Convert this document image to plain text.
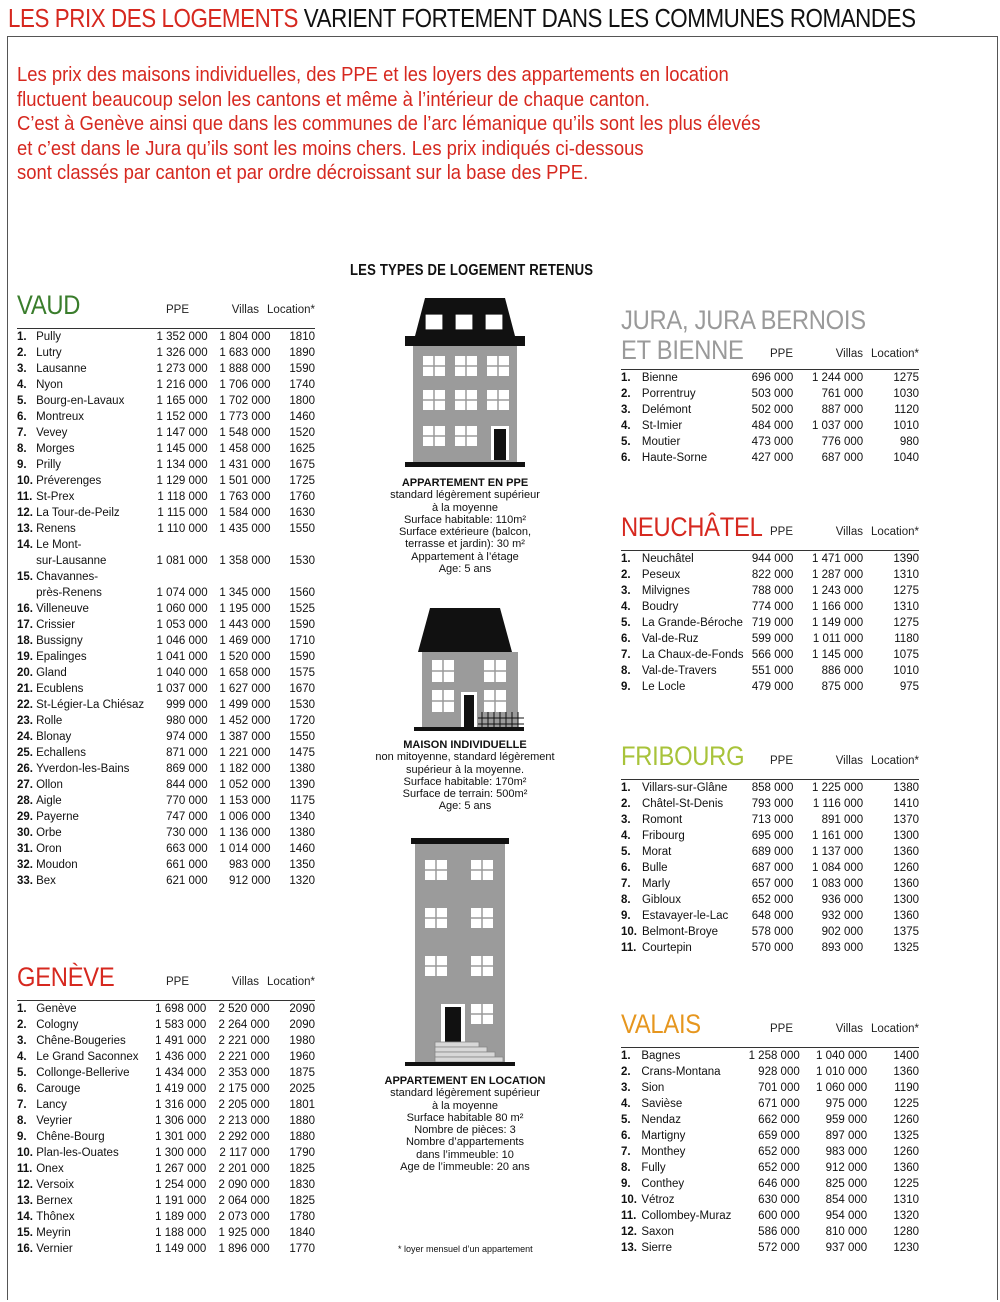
LES PRIX DES LOGEMENTS VARIENT FORTEMENT DANS LES COMMUNES ROMANDES
Les prix des maisons individuelles, des PPE et les loyers des appartements en location
fluctuent beaucoup selon les cantons et même à l’intérieur de chaque canton.
C’est à Genève ainsi que dans les communes de l’arc lémanique qu’ils sont les plus élevés
et c’est dans le Jura qu’ils sont les moins chers. Les prix indiqués ci-dessous
sont classés par canton et par ordre décroissant sur la base des PPE.
VAUD	PPE	Villas Location*
1.	Pully	1 352 000	1 804 000	1810
2.	Lutry	1 326 000	1 683 000	1890
3.	Lausanne	1 273 000	1 888 000	1590
4.	Nyon	1 216 000	1 706 000	1740
5.	Bourg-en-Lavaux	1 165 000	1 702 000	1800
6.	Montreux	1 152 000	1 773 000	1460
7.	Vevey	1 147 000	1 548 000	1520
8.	Morges	1 145 000	1 458 000	1625
9.	Prilly	1 134 000	1 431 000	1675
10.	Préverenges	1 129 000	1 501 000	1725
11.	St-Prex	1 118 000	1 763 000	1760
12.	La Tour-de-Peilz	1 115 000	1 584 000	1630
13.	Renens	1 110 000	1 435 000	1550
14.	Le Mont-			
	sur-Lausanne	1 081 000	1 358 000	1530
15.	Chavannes-			
	près-Renens	1 074 000	1 345 000	1560
16.	Villeneuve	1 060 000	1 195 000	1525
17.	Crissier	1 053 000	1 443 000	1590
18.	Bussigny	1 046 000	1 469 000	1710
19.	Epalinges	1 041 000	1 520 000	1590
20.	Gland	1 040 000	1 658 000	1575
21.	Ecublens	1 037 000	1 627 000	1670
22.	St-Légier-La Chiésaz	999 000	1 499 000	1530
23.	Rolle	980 000	1 452 000	1720
24.	Blonay	974 000	1 387 000	1550
25.	Echallens	871 000	1 221 000	1475
26.	Yverdon-les-Bains	869 000	1 182 000	1380
27.	Ollon	844 000	1 052 000	1390
28.	Aigle	770 000	1 153 000	1175
29.	Payerne	747 000	1 006 000	1340
30.	Orbe	730 000	1 136 000	1380
31.	Oron	663 000	1 014 000	1460
32.	Moudon	661 000	983 000	1350
33.	Bex	621 000	912 000	1320
GENÈVE	PPE	Villas Location*
1.	Genève	1 698 000	2 520 000	2090
2.	Cologny	1 583 000	2 264 000	2090
3.	Chêne-Bougeries	1 491 000	2 221 000	1980
4.	Le Grand Saconnex	1 436 000	2 221 000	1960
5.	Collonge-Bellerive	1 434 000	2 353 000	1875
6.	Carouge	1 419 000	2 175 000	2025
7.	Lancy	1 316 000	2 205 000	1801
8.	Veyrier	1 306 000	2 213 000	1880
9.	Chêne-Bourg	1 301 000	2 292 000	1880
10.	Plan-les-Ouates	1 300 000	2 117 000	1790
11.	Onex	1 267 000	2 201 000	1825
12.	Versoix	1 254 000	2 090 000	1830
13.	Bernex	1 191 000	2 064 000	1825
14.	Thônex	1 189 000	2 073 000	1780
15.	Meyrin	1 188 000	1 925 000	1840
16.	Vernier	1 149 000	1 896 000	1770
JURA, JURA BERNOIS
ET BIENNE	PPE	Villas Location*
1.	Bienne	696 000	1 244 000	1275
2.	Porrentruy	503 000	761 000	1030
3.	Delémont	502 000	887 000	1120
4.	St-Imier	484 000	1 037 000	1010
5.	Moutier	473 000	776 000	980
6.	Haute-Sorne	427 000	687 000	1040
NEUCHÂTEL PPE	Villas Location*
1.	Neuchâtel	944 000	1 471 000	1390
2.	Peseux	822 000	1 287 000	1310
3.	Milvignes	788 000	1 243 000	1275
4.	Boudry	774 000	1 166 000	1310
5.	La Grande-Béroche	719 000	1 149 000	1275
6.	Val-de-Ruz	599 000	1 011 000	1180
7.	La Chaux-de-Fonds	566 000	1 145 000	1075
8.	Val-de-Travers	551 000	886 000	1010
9.	Le Locle	479 000	875 000	975
FRIBOURG	PPE	Villas Location*
1.	Villars-sur-Glâne	858 000	1 225 000	1380
2.	Châtel-St-Denis	793 000	1 116 000	1410
3.	Romont	713 000	891 000	1370
4.	Fribourg	695 000	1 161 000	1300
5.	Morat	689 000	1 137 000	1360
6.	Bulle	687 000	1 084 000	1260
7.	Marly	657 000	1 083 000	1360
8.	Gibloux	652 000	936 000	1300
9.	Estavayer-le-Lac	648 000	932 000	1360
10.	Belmont-Broye	578 000	902 000	1375
11.	Courtepin	570 000	893 000	1325
VALAIS	PPE	Villas Location*
1.	Bagnes	1 258 000	1 040 000	1400
2.	Crans-Montana	928 000	1 010 000	1360
3.	Sion	701 000	1 060 000	1190
4.	Savièse	671 000	975 000	1225
5.	Nendaz	662 000	959 000	1260
6.	Martigny	659 000	897 000	1325
7.	Monthey	652 000	983 000	1260
8.	Fully	652 000	912 000	1360
9.	Conthey	646 000	825 000	1225
10.	Vétroz	630 000	854 000	1310
11.	Collombey-Muraz	600 000	954 000	1320
12.	Saxon	586 000	810 000	1280
13.	Sierre	572 000	937 000	1230
LES TYPES DE LOGEMENT RETENUS
APPARTEMENT EN PPE
standard légèrement supérieur
à la moyenne
Surface habitable: 110m²
Surface extérieure (balcon,
terrasse et jardin): 30 m²
Appartement à l’étage
Age: 5 ans
MAISON INDIVIDUELLE
non mitoyenne, standard légèrement
supérieur à la moyenne.
Surface habitable: 170m²
Surface de terrain: 500m²
Age: 5 ans
APPARTEMENT EN LOCATION
standard légèrement supérieur
à la moyenne
Surface habitable 80 m²
Nombre de pièces: 3
Nombre d’appartements
dans l’immeuble: 10
Age de l’immeuble: 20 ans
* loyer mensuel d’un appartement
